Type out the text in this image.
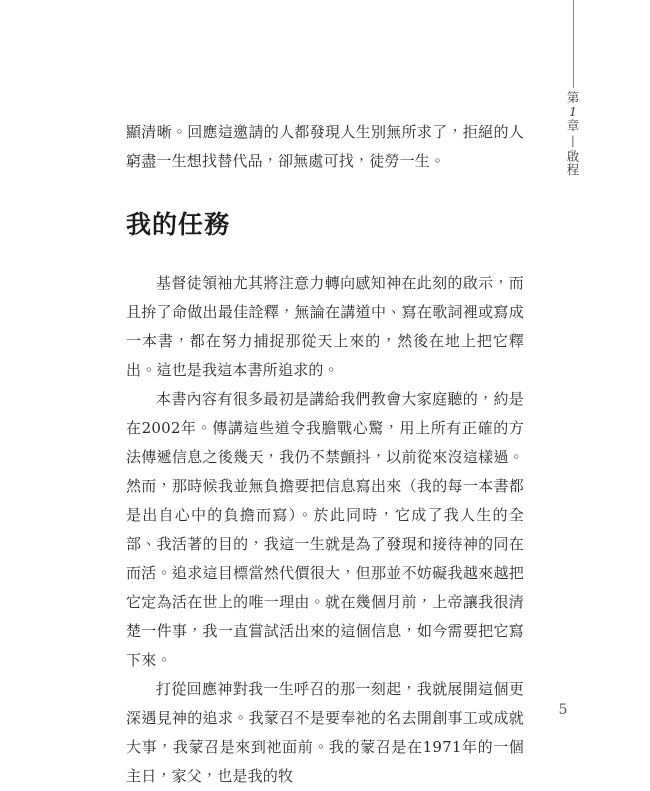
第
1
章
—
啟
程

顯清晰。回應這邀請的人都發現人生別無所求了，拒絕的人窮盡一生想找替代品，卻無處可找，徒勞一生。

我的任務

基督徒領袖尤其將注意力轉向感知神在此刻的啟示，而且拚了命做出最佳詮釋，無論在講道中、寫在歌詞裡或寫成一本書，都在努力捕捉那從天上來的，然後在地上把它釋出。這也是我這本書所追求的。

本書內容有很多最初是講給我們教會大家庭聽的，約是在2002年。傳講這些道令我膽戰心驚，用上所有正確的方法傳遞信息之後幾天，我仍不禁顫抖，以前從來沒這樣過。然而，那時候我並無負擔要把信息寫出來（我的每一本書都是出自心中的負擔而寫）。於此同時，它成了我人生的全部、我活著的目的，我這一生就是為了發現和接待神的同在而活。追求這目標當然代價很大，但那並不妨礙我越來越把它定為活在世上的唯一理由。就在幾個月前，上帝讓我很清楚一件事，我一直嘗試活出來的這個信息，如今需要把它寫下來。

打從回應神對我一生呼召的那一刻起，我就展開這個更深遇見神的追求。我蒙召不是要奉祂的名去開創事工或成就大事，我蒙召是來到祂面前。我的蒙召是在1971年的一個主日，家父，也是我的牧

5
